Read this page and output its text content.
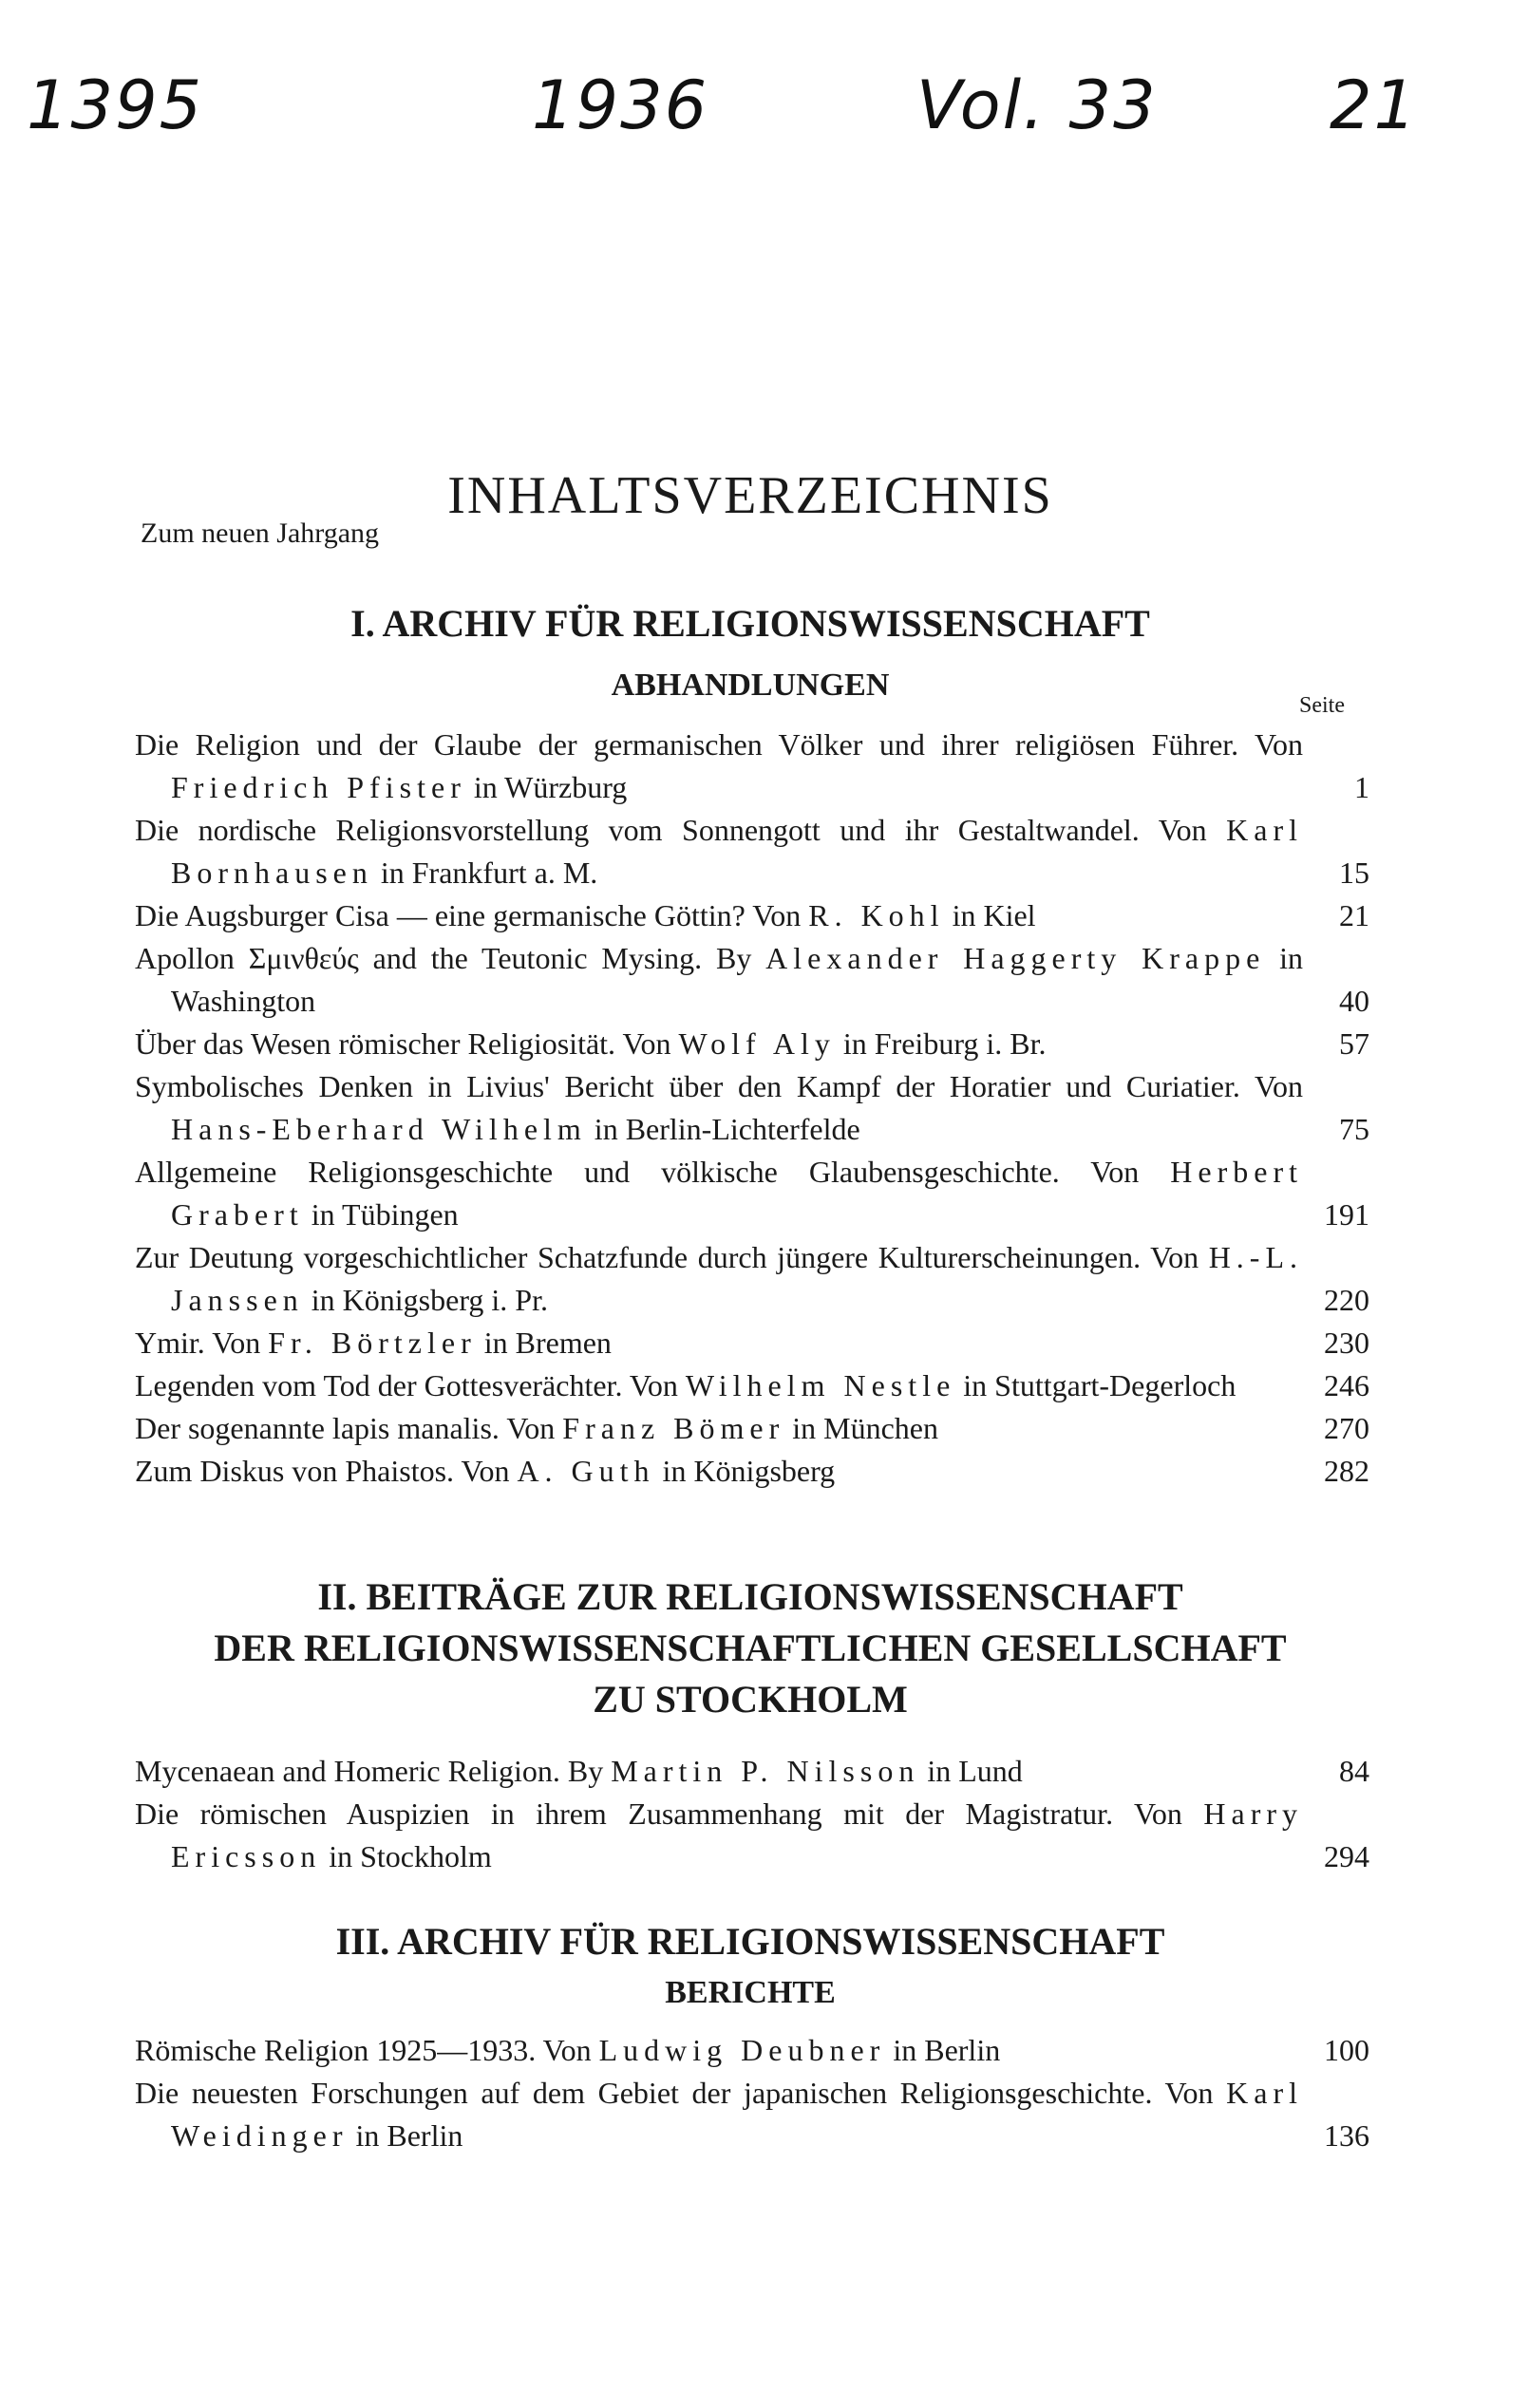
1395	1936	Vol. 33	21
INHALTSVERZEICHNIS
Zum neuen Jahrgang
I. ARCHIV FÜR RELIGIONSWISSENSCHAFT
ABHANDLUNGEN
Seite
Die Religion und der Glaube der germanischen Völker und ihrer religiösen Führer. Von Friedrich Pfister in Würzburg	1
Die nordische Religionsvorstellung vom Sonnengott und ihr Gestaltwandel. Von Karl Bornhausen in Frankfurt a. M.	15
Die Augsburger Cisa — eine germanische Göttin? Von R. Kohl in Kiel	21
Apollon Σμινθεύς and the Teutonic Mysing. By Alexander Haggerty Krappe in Washington	40
Über das Wesen römischer Religiosität. Von Wolf Aly in Freiburg i. Br.	57
Symbolisches Denken in Livius' Bericht über den Kampf der Horatier und Curiatier. Von Hans-Eberhard Wilhelm in Berlin-Lichterfelde	75
Allgemeine Religionsgeschichte und völkische Glaubensgeschichte. Von Herbert Grabert in Tübingen	191
Zur Deutung vorgeschichtlicher Schatzfunde durch jüngere Kulturerscheinungen. Von H.-L. Janssen in Königsberg i. Pr.	220
Ymir. Von Fr. Börtzler in Bremen	230
Legenden vom Tod der Gottesverächter. Von Wilhelm Nestle in Stuttgart-Degerloch	246
Der sogenannte lapis manalis. Von Franz Bömer in München	270
Zum Diskus von Phaistos. Von A. Guth in Königsberg	282
II. BEITRÄGE ZUR RELIGIONSWISSENSCHAFT
DER RELIGIONSWISSENSCHAFTLICHEN GESELLSCHAFT
ZU STOCKHOLM
Mycenaean and Homeric Religion. By Martin P. Nilsson in Lund	84
Die römischen Auspizien in ihrem Zusammenhang mit der Magistratur. Von Harry Ericsson in Stockholm	294
III. ARCHIV FÜR RELIGIONSWISSENSCHAFT
BERICHTE
Römische Religion 1925—1933. Von Ludwig Deubner in Berlin	100
Die neuesten Forschungen auf dem Gebiet der japanischen Religionsgeschichte. Von Karl Weidinger in Berlin	136
